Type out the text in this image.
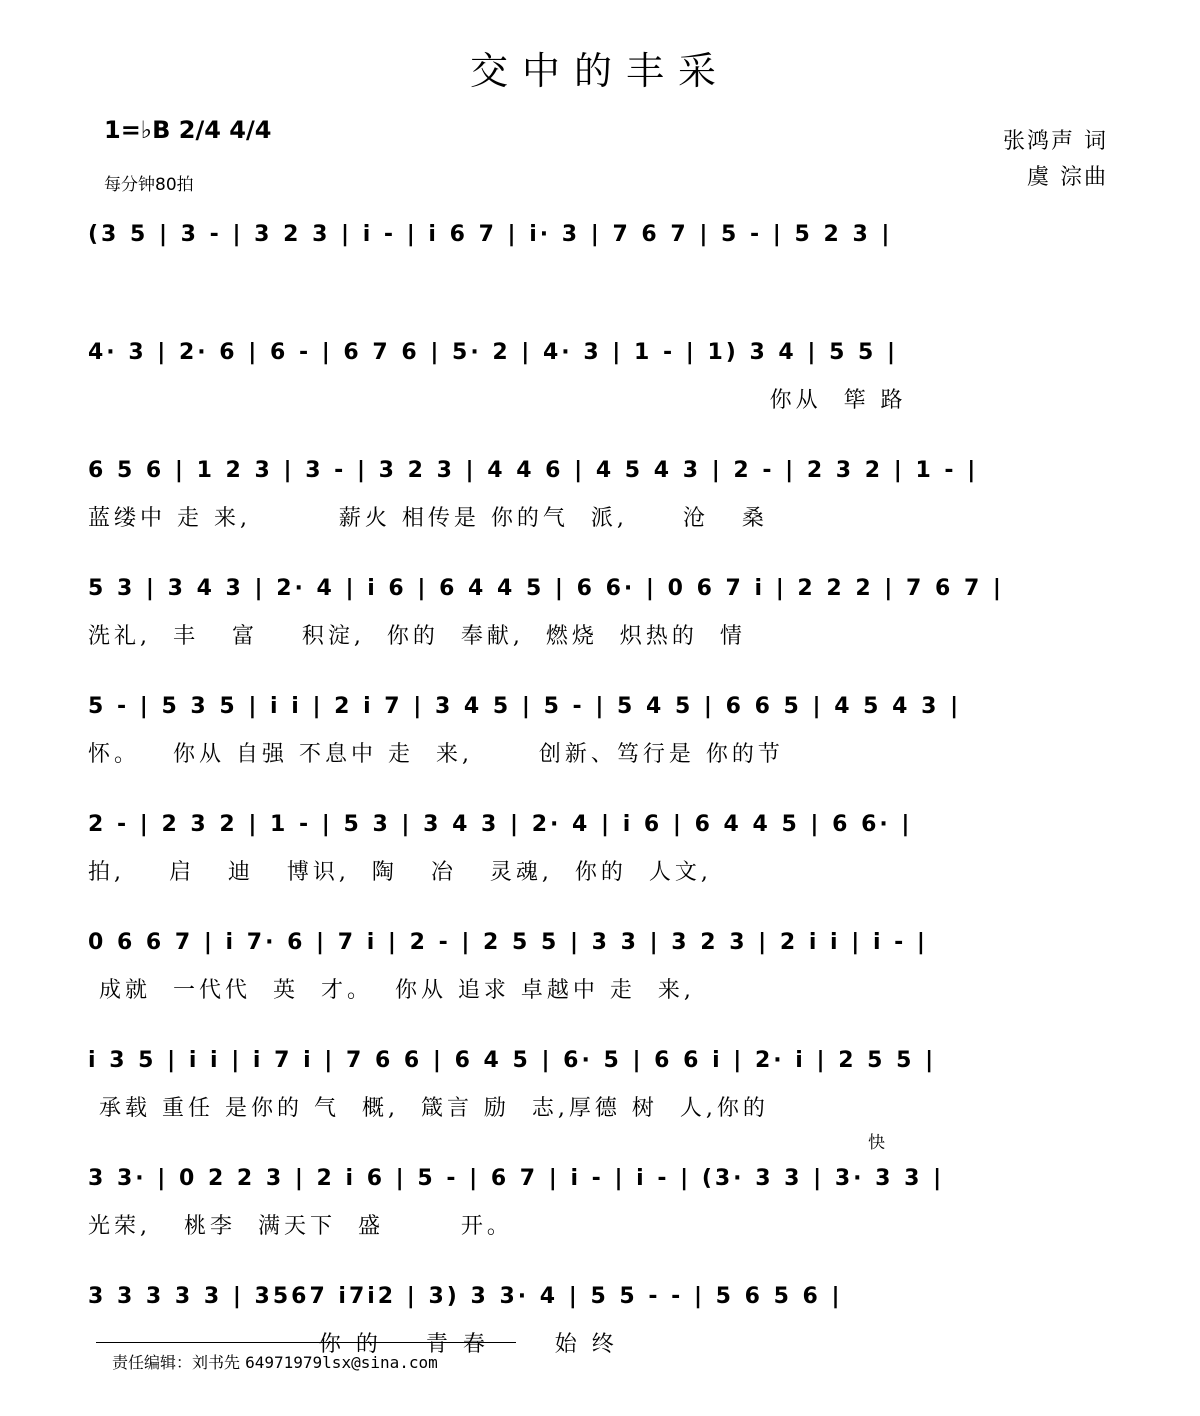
交中的丰采
1=♭B 2/4 4/4
每分钟80拍
张鸿声 词
虞 淙曲
(3 5 | 3 - | 3 2 3 | i - | i 6 7 | i· 3 | 7 6 7 | 5 - | 5 2 3 |
4· 3 | 2· 6 | 6 - | 6 7 6 | 5· 2 | 4· 3 | 1 - | 1) 3 4 | 5 5 |
你从  筚 路
6 5 6 | 1 2 3 | 3 - | 3 2 3 | 4 4 6 | 4 5 4 3 | 2 - | 2 3 2 | 1 - |
蓝缕中 走 来,        薪火 相传是 你的气  派,     沧   桑
5 3 | 3 4 3 | 2· 4 | i 6 | 6 4 4 5 | 6 6· | 0 6 7 i | 2 2 2 | 7 6 7 |
洗礼,  丰   富    积淀,  你的  奉献,  燃烧  炽热的  情
5 - | 5 3 5 | i i | 2 i 7 | 3 4 5 | 5 - | 5 4 5 | 6 6 5 | 4 5 4 3 |
怀。   你从 自强 不息中 走  来,      创新、笃行是 你的节
2 - | 2 3 2 | 1 - | 5 3 | 3 4 3 | 2· 4 | i 6 | 6 4 4 5 | 6 6· |
拍,    启   迪   博识,  陶   冶   灵魂,  你的  人文,
0 6 6 7 | i 7· 6 | 7 i | 2 - | 2 5 5 | 3 3 | 3 2 3 | 2 i i | i - |
成就  一代代  英  才。  你从 追求 卓越中 走  来,
i 3 5 | i i | i 7 i | 7 6 6 | 6 4 5 | 6· 5 | 6 6 i | 2· i | 2 5 5 |
承载 重任 是你的 气  概,  箴言 励  志,厚德 树  人,你的
快
3 3· | 0 2 2 3 | 2 i 6 | 5 - | 6 7 | i - | i - | (3· 3 3 | 3· 3 3 |
光荣,   桃李  满天下  盛       开。
3 3 3 3 3 | 3567 i7i2 | 3) 3 3· 4 | 5 5 - - | 5 6 5 6 |
你 的    青 春      始 终
责任编辑：刘书先 64971979lsx@sina.com
